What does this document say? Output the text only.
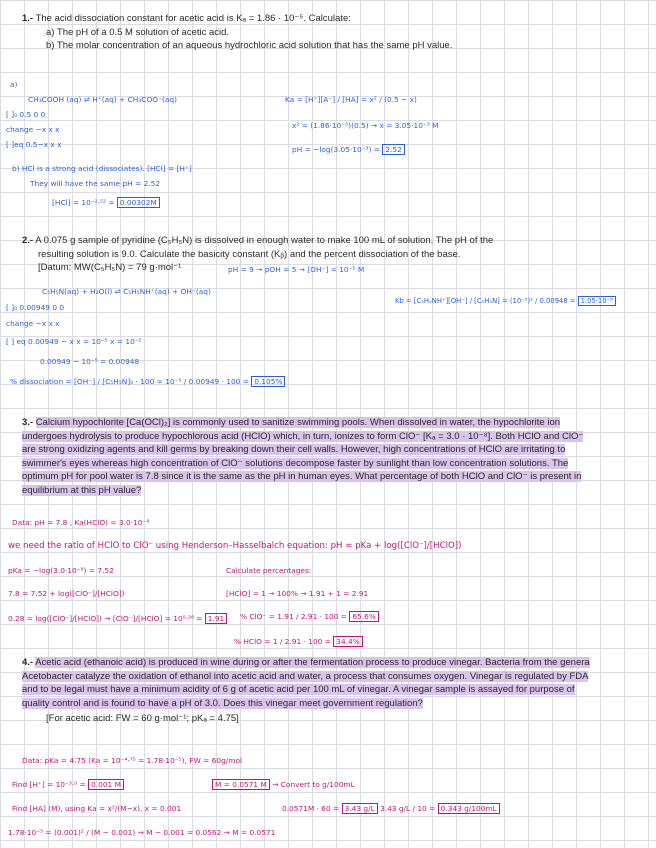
1.- The acid dissociation constant for acetic acid is Kₐ = 1.86 · 10⁻⁵. Calculate:
a) The pH of a 0.5 M solution of acetic acid.
b) The molar concentration of an aqueous hydrochloric acid solution that has the same pH value.
a)
CH₃COOH (aq) ⇌ H⁺(aq) + CH₃COO⁻(aq)
[ ]₀ 0.5 0 0
change −x x x
[ ]eq 0.5−x x x
Ka = [H⁺][A⁻] / [HA] = x² / (0.5 − x)
x² = (1.86·10⁻⁵)(0.5) → x = 3.05·10⁻³ M
pH = −log(3.05·10⁻³) = 2.52
b) HCl is a strong acid (dissociates). [HCl] = [H⁺]
They will have the same pH = 2.52
[HCl] = 10⁻²·⁵² = 0.00302M
2.- A 0.075 g sample of pyridine (C₅H₅N) is dissolved in enough water to make 100 mL of solution. The pH of the
resulting solution is 9.0. Calculate the basicity constant (Kᵦ) and the percent dissociation of the base.
[Datum: MW(C₅H₅N) = 79 g·mol⁻¹	pH = 9 → pOH = 5 → [OH⁻] = 10⁻⁵ M
C₅H₅N(aq) + H₂O(l) ⇌ C₅H₅NH⁺(aq) + OH⁻(aq)
[ ]₀ 0.00949 0 0
change −x x x
[ ] eq 0.00949 − x x = 10⁻⁵ x = 10⁻⁵
0.00949 − 10⁻⁵ = 0.00948
Kb = [C₅H₅NH⁺][OH⁻] / [C₅H₅N] = (10⁻⁵)² / 0.00948 = 1.05·10⁻⁸
% dissociation = [OH⁻] / [C₅H₅N]₀ · 100 = 10⁻⁵ / 0.00949 · 100 = 0.105%
3.- Calcium hypochlorite [Ca(OCl)₂] is commonly used to sanitize swimming pools. When dissolved in water, the hypochlorite ion undergoes hydrolysis to produce hypochlorous acid (HClO) which, in turn, ionizes to form ClO⁻ [Kₐ = 3.0 · 10⁻⁸]. Both HClO and ClO⁻ are strong oxidizing agents and kill germs by breaking down their cell walls. However, high concentrations of HClO are irritating to swimmer's eyes whereas high concentration of ClO⁻ solutions decompose faster by sunlight than low concentration solutions. The optimum pH for pool water is 7.8 since it is the same as the pH in human eyes. What percentage of both HClO and ClO⁻ is present in equilibrium at this pH value?
Data: pH = 7.8 , Ka(HClO) = 3.0·10⁻⁸
we need the ratio of HClO to ClO⁻ using Henderson–Hasselbalch equation: pH = pKa + log([ClO⁻]/[HClO])
pKa = −log(3.0·10⁻⁸) = 7.52
7.8 = 7.52 + log([ClO⁻]/[HClO])
0.28 = log([ClO⁻]/[HClO]) → [ClO⁻]/[HClO] = 10⁰·²⁸ = 1.91
Calculate percentages:
[HClO] = 1 → 100% → 1.91 + 1 = 2.91
% ClO⁻ = 1.91 / 2.91 · 100 = 65.6%
% HClO = 1 / 2.91 · 100 = 34.4%
4.- Acetic acid (ethanoic acid) is produced in wine during or after the fermentation process to produce vinegar. Bacteria from the genera Acetobacter catalyze the oxidation of ethanol into acetic acid and water, a process that consumes oxygen. Vinegar is regulated by FDA and to be legal must have a minimum acidity of 6 g of acetic acid per 100 mL of vinegar. A vinegar sample is assayed for purpose of quality control and is found to have a pH of 3.0. Does this vinegar meet government regulation?
[For acetic acid: FW = 60 g·mol⁻¹; pKₐ = 4.75]
Data: pKa = 4.75 (Ka = 10⁻⁴·⁷⁵ = 1.78·10⁻⁵), FW = 60g/mol
Find [H⁺] = 10⁻³·⁰ = 0.001 M	M = 0.0571 M → Convert to g/100mL
Find [HA] (M), using Ka = x²/(M−x), x = 0.001	0.0571M · 60 = 3.43 g/L 3.43 g/L / 10 = 0.343 g/100mL
1.78·10⁻⁵ = (0.001)² / (M − 0.001) → M − 0.001 = 0.0562 → M = 0.0571
